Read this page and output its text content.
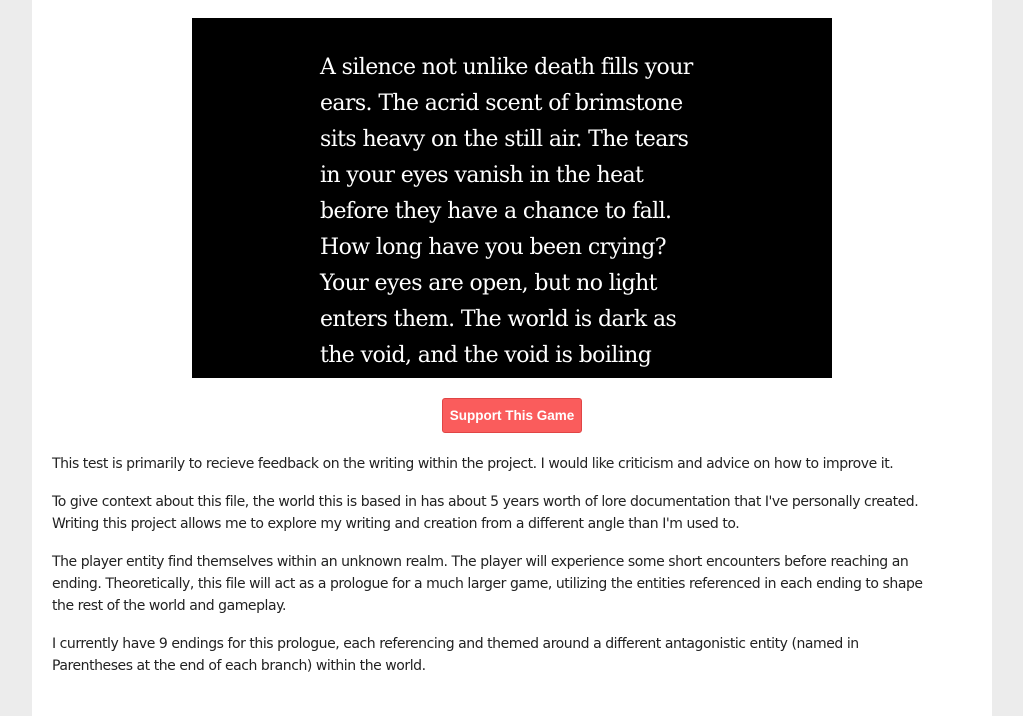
A silence not unlike death fills your
ears. The acrid scent of brimstone
sits heavy on the still air. The tears
in your eyes vanish in the heat
before they have a chance to fall.
How long have you been crying?
Your eyes are open, but no light
enters them. The world is dark as
the void, and the void is boiling

Support This Game

This test is primarily to recieve feedback on the writing within the project. I would like criticism and advice on how to improve it.

To give context about this file, the world this is based in has about 5 years worth of lore documentation that I've personally created.
Writing this project allows me to explore my writing and creation from a different angle than I'm used to.

The player entity find themselves within an unknown realm. The player will experience some short encounters before reaching an
ending. Theoretically, this file will act as a prologue for a much larger game, utilizing the entities referenced in each ending to shape
the rest of the world and gameplay.

I currently have 9 endings for this prologue, each referencing and themed around a different antagonistic entity (named in
Parentheses at the end of each branch) within the world.
